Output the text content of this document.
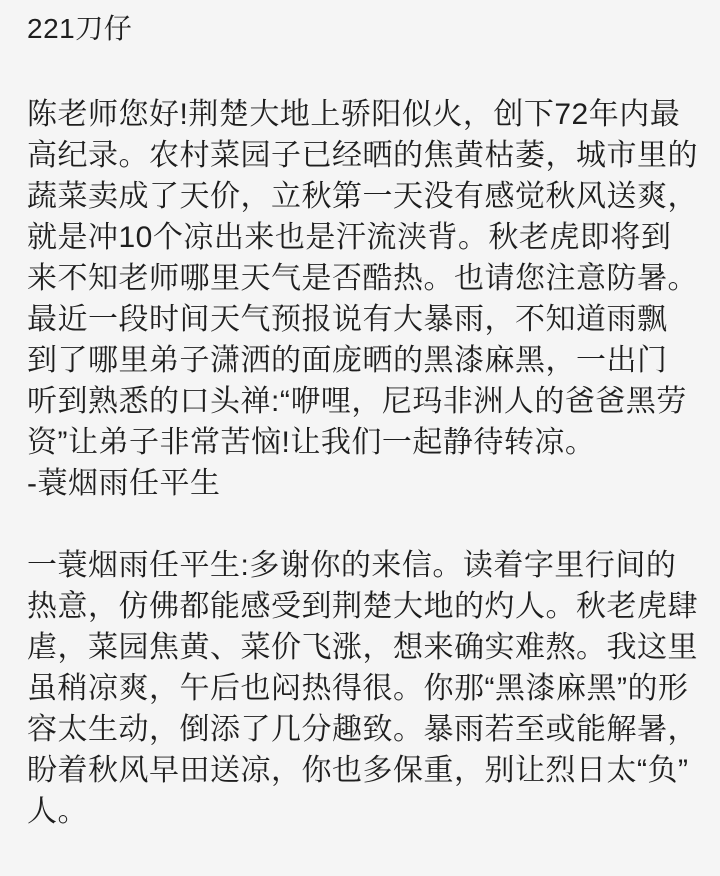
221刀仔
陈老师您好!荆楚大地上骄阳似火，创下72年内最
高纪录。农村菜园子已经晒的焦黄枯萎，城市里的
蔬菜卖成了天价，立秋第一天没有感觉秋风送爽，
就是冲10个凉出来也是汗流浃背。秋老虎即将到
来不知老师哪里天气是否酷热。也请您注意防暑。
最近一段时间天气预报说有大暴雨，不知道雨飘
到了哪里弟子潇洒的面庞晒的黑漆麻黑，一出门
听到熟悉的口头禅:“咿哩，尼玛非洲人的爸爸黑劳
资”让弟子非常苦恼!让我们一起静待转凉。
-蓑烟雨任平生
一蓑烟雨任平生:多谢你的来信。读着字里行间的
热意，仿佛都能感受到荆楚大地的灼人。秋老虎肆
虐，菜园焦黄、菜价飞涨，想来确实难熬。我这里
虽稍凉爽，午后也闷热得很。你那“黑漆麻黑”的形
容太生动，倒添了几分趣致。暴雨若至或能解暑，
盼着秋风早田送凉，你也多保重，别让烈日太“负”
人。
